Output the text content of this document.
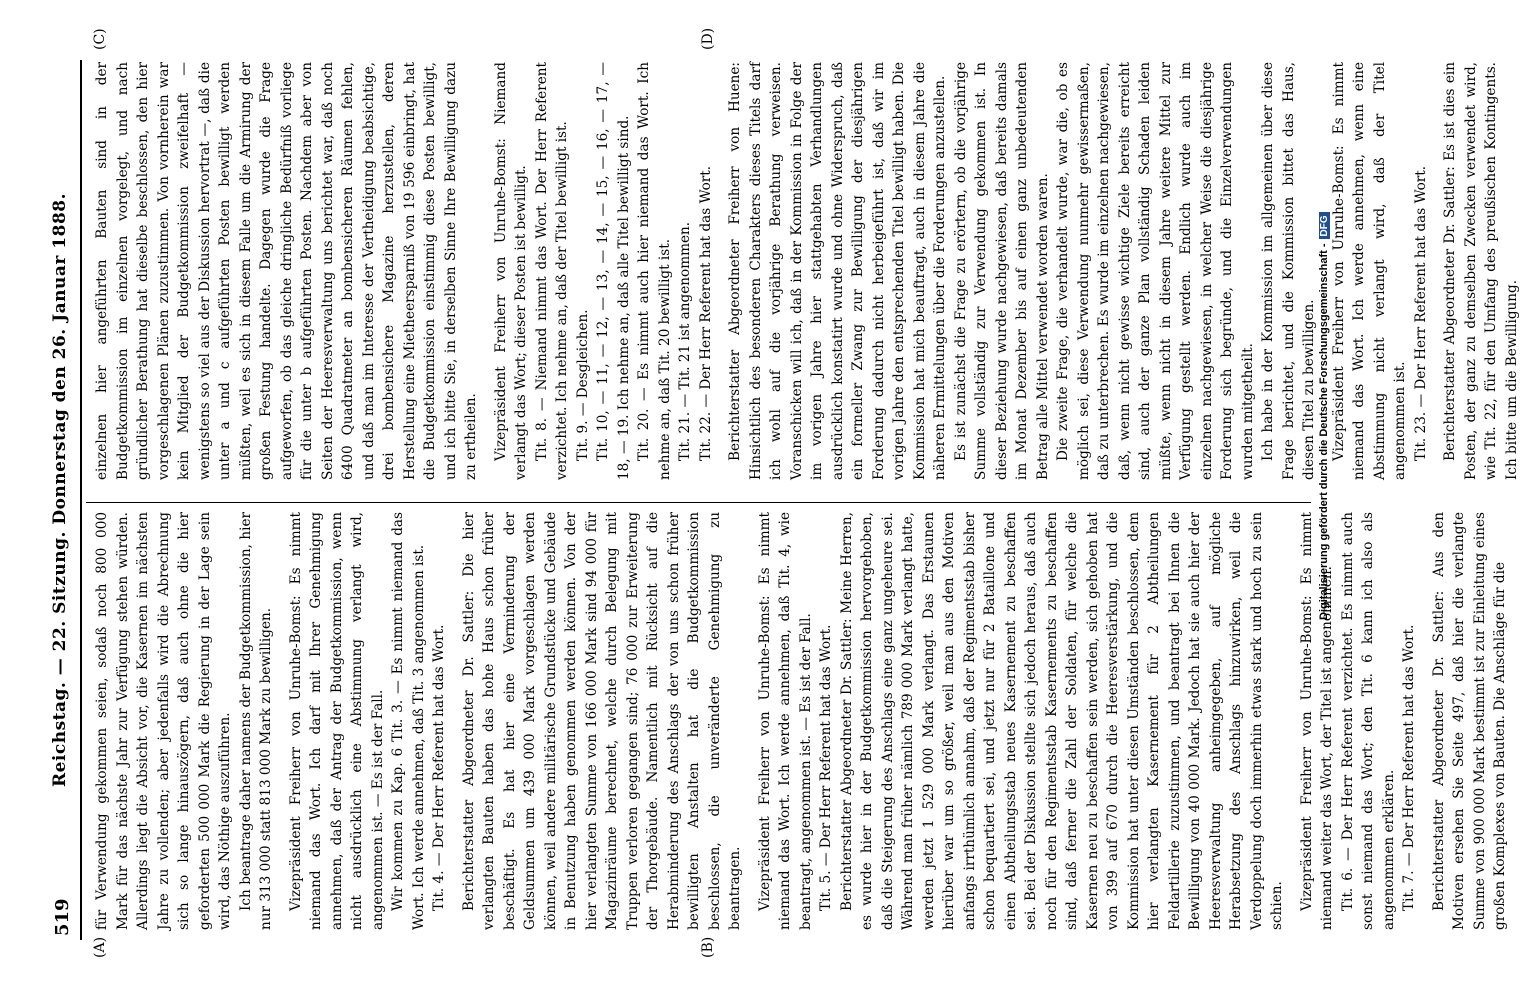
519
Reichstag. — 22. Sitzung. Donnerstag den 26. Januar 1888.
(A)
(C)
(B)
(D)

für Verwendung gekommen seien, sodaß noch 800 000 Mark für das nächste Jahr zur Verfügung stehen würden. Allerdings liegt die Absicht vor, die Kasernen im nächsten Jahre zu vollenden; aber jedenfalls wird die Abrechnung sich so lange hinauszögern, daß auch ohne die hier geforderten 500 000 Mark die Regierung in der Lage sein wird, das Nöthige auszuführen. Ich beantrage daher namens der Budgetkommission, hier nur 313 000 statt 813 000 Mark zu bewilligen. Vizepräsident Freiherr von Unruhe-Bomst: Es nimmt niemand das Wort. Ich darf mit Ihrer Genehmigung annehmen, daß der Antrag der Budgetkommission, wenn nicht ausdrücklich eine Abstimmung verlangt wird, angenommen ist. — Es ist der Fall. Wir kommen zu Kap. 6 Tit. 3. — Es nimmt niemand das Wort. Ich werde annehmen, daß Tit. 3 angenommen ist. Tit. 4. — Der Herr Referent hat das Wort. Berichterstatter Abgeordneter Dr. Sattler: Die hier verlangten Bauten haben das hohe Haus schon früher beschäftigt. Es hat hier eine Verminderung der Geldsummen um 439 000 Mark vorgeschlagen werden können, weil andere militärische Grundstücke und Gebäude in Benutzung haben genommen werden können. Von der hier verlangten Summe von 166 000 Mark sind 94 000 für Magazinräume berechnet, welche durch Belegung mit Truppen verloren gegangen sind; 76 000 zur Erweiterung der Thorgebäude. Namentlich mit Rücksicht auf die Herabminderung des Anschlags der von uns schon früher bewilligten Anstalten hat die Budgetkommission beschlossen, die unveränderte Genehmigung zu beantragen. Vizepräsident Freiherr von Unruhe-Bomst: Es nimmt niemand das Wort. Ich werde annehmen, daß Tit. 4, wie beantragt, angenommen ist. — Es ist der Fall. Tit. 5. — Der Herr Referent hat das Wort. Berichterstatter Abgeordneter Dr. Sattler: Meine Herren, es wurde hier in der Budgetkommission hervorgehoben, daß die Steigerung des Anschlags eine ganz ungeheure sei. Während man früher nämlich 789 000 Mark verlangt hatte, werden jetzt 1 529 000 Mark verlangt. Das Erstaunen hierüber war um so größer, weil man aus den Motiven anfangs irrthümlich annahm, daß der Regimentsstab bisher schon bequartiert sei, und jetzt nur für 2 Bataillone und einen Abtheilungsstab neues Kasernement zu beschaffen sei. Bei der Diskussion stellte sich jedoch heraus, daß auch noch für den Regimentsstab Kasernements zu beschaffen sind, daß ferner die Zahl der Soldaten, für welche die Kasernen neu zu beschaffen sein werden, sich gehoben hat von 399 auf 670 durch die Heeresverstärkung, und die Kommission hat unter diesen Umständen beschlossen, dem hier verlangten Kasernement für 2 Abtheilungen Feldartillerie zuzustimmen, und beantragt bei Ihnen die Bewilligung von 40 000 Mark. Jedoch hat sie auch hier der Heeresverwaltung anheimgegeben, auf mögliche Herabsetzung des Anschlags hinzuwirken, weil die Verdoppelung doch immerhin etwas stark und hoch zu sein schien. Vizepräsident Freiherr von Unruhe-Bomst: Es nimmt niemand weiter das Wort, der Titel ist angenommen. Tit. 6. — Der Herr Referent verzichtet. Es nimmt auch sonst niemand das Wort; den Tit. 6 kann ich also als angenommen erklären. Tit. 7. — Der Herr Referent hat das Wort. Berichterstatter Abgeordneter Dr. Sattler: Aus den Motiven ersehen Sie Seite 497, daß hier die verlangte Summe von 900 000 Mark bestimmt ist zur Einleitung eines großen Komplexes von Bauten. Die Anschläge für die

einzelnen hier angeführten Bauten sind in der Budgetkommission im einzelnen vorgelegt, und nach gründlicher Berathung hat dieselbe beschlossen, den hier vorgeschlagenen Plänen zuzustimmen. Von vornherein war kein Mitglied der Budgetkommission zweifelhaft — wenigstens so viel aus der Diskussion hervortrat —, daß die unter a und c aufgeführten Posten bewilligt werden müßten, weil es sich in diesem Falle um die Armirung der großen Festung handelte. Dagegen wurde die Frage aufgeworfen, ob das gleiche dringliche Bedürfniß vorliege für die unter b aufgeführten Posten. Nachdem aber von Seiten der Heeresverwaltung uns berichtet war, daß noch 6400 Quadratmeter an bombensicheren Räumen fehlen, und daß man im Interesse der Vertheidigung beabsichtige, drei bombensichere Magazine herzustellen, deren Herstellung eine Mietheersparniß von 19 596 einbringt, hat die Budgetkommission einstimmig diese Posten bewilligt, und ich bitte Sie, in derselben Sinne Ihre Bewilligung dazu zu ertheilen. Vizepräsident Freiherr von Unruhe-Bomst: Niemand verlangt das Wort; dieser Posten ist bewilligt. Tit. 8. — Niemand nimmt das Wort. Der Herr Referent verzichtet. Ich nehme an, daß der Titel bewilligt ist. Tit. 9. — Desgleichen. Tit. 10, — 11, — 12, — 13, — 14, — 15, — 16, — 17, — 18, — 19. Ich nehme an, daß alle Titel bewilligt sind. Tit. 20. — Es nimmt auch hier niemand das Wort. Ich nehme an, daß Tit. 20 bewilligt ist. Tit. 21. — Tit. 21 ist angenommen. Tit. 22. — Der Herr Referent hat das Wort. Berichterstatter Abgeordneter Freiherr von Huene: Hinsichtlich des besonderen Charakters dieses Titels darf ich wohl auf die vorjährige Berathung verweisen. Voranschicken will ich, daß in der Kommission in Folge der im vorigen Jahre hier stattgehabten Verhandlungen ausdrücklich konstatirt wurde und ohne Widerspruch, daß ein formeller Zwang zur Bewilligung der diesjährigen Forderung dadurch nicht herbeigeführt ist, daß wir im vorigen Jahre den entsprechenden Titel bewilligt haben. Die Kommission hat mich beauftragt, auch in diesem Jahre die näheren Ermittelungen über die Forderungen anzustellen. Es ist zunächst die Frage zu erörtern, ob die vorjährige Summe vollständig zur Verwendung gekommen ist. In dieser Beziehung wurde nachgewiesen, daß bereits damals im Monat Dezember bis auf einen ganz unbedeutenden Betrag alle Mittel verwendet worden waren. Die zweite Frage, die verhandelt wurde, war die, ob es möglich sei, diese Verwendung nunmehr gewissermaßen, daß zu unterbrechen. Es wurde im einzelnen nachgewiesen, daß, wenn nicht gewisse wichtige Ziele bereits erreicht sind, auch der ganze Plan vollständig Schaden leiden müßte, wenn nicht in diesem Jahre weitere Mittel zur Verfügung gestellt werden. Endlich wurde auch im einzelnen nachgewiesen, in welcher Weise die diesjährige Forderung sich begründe, und die Einzelverwendungen wurden mitgetheilt. Ich habe in der Kommission im allgemeinen über diese Frage berichtet, und die Kommission bittet das Haus, diesen Titel zu bewilligen. Vizepräsident Freiherr von Unruhe-Bomst: Es nimmt niemand das Wort. Ich werde annehmen, wenn eine Abstimmung nicht verlangt wird, daß der Titel angenommen ist. Tit. 23. — Der Herr Referent hat das Wort. Berichterstatter Abgeordneter Dr. Sattler: Es ist dies ein Posten, der ganz zu demselben Zwecken verwendet wird, wie Tit. 22, für den Umfang des preußischen Kontingents. Ich bitte um die Bewilligung.

Digitalisierung gefördert durch die Deutsche Forschungsgemeinschaft -DFG
